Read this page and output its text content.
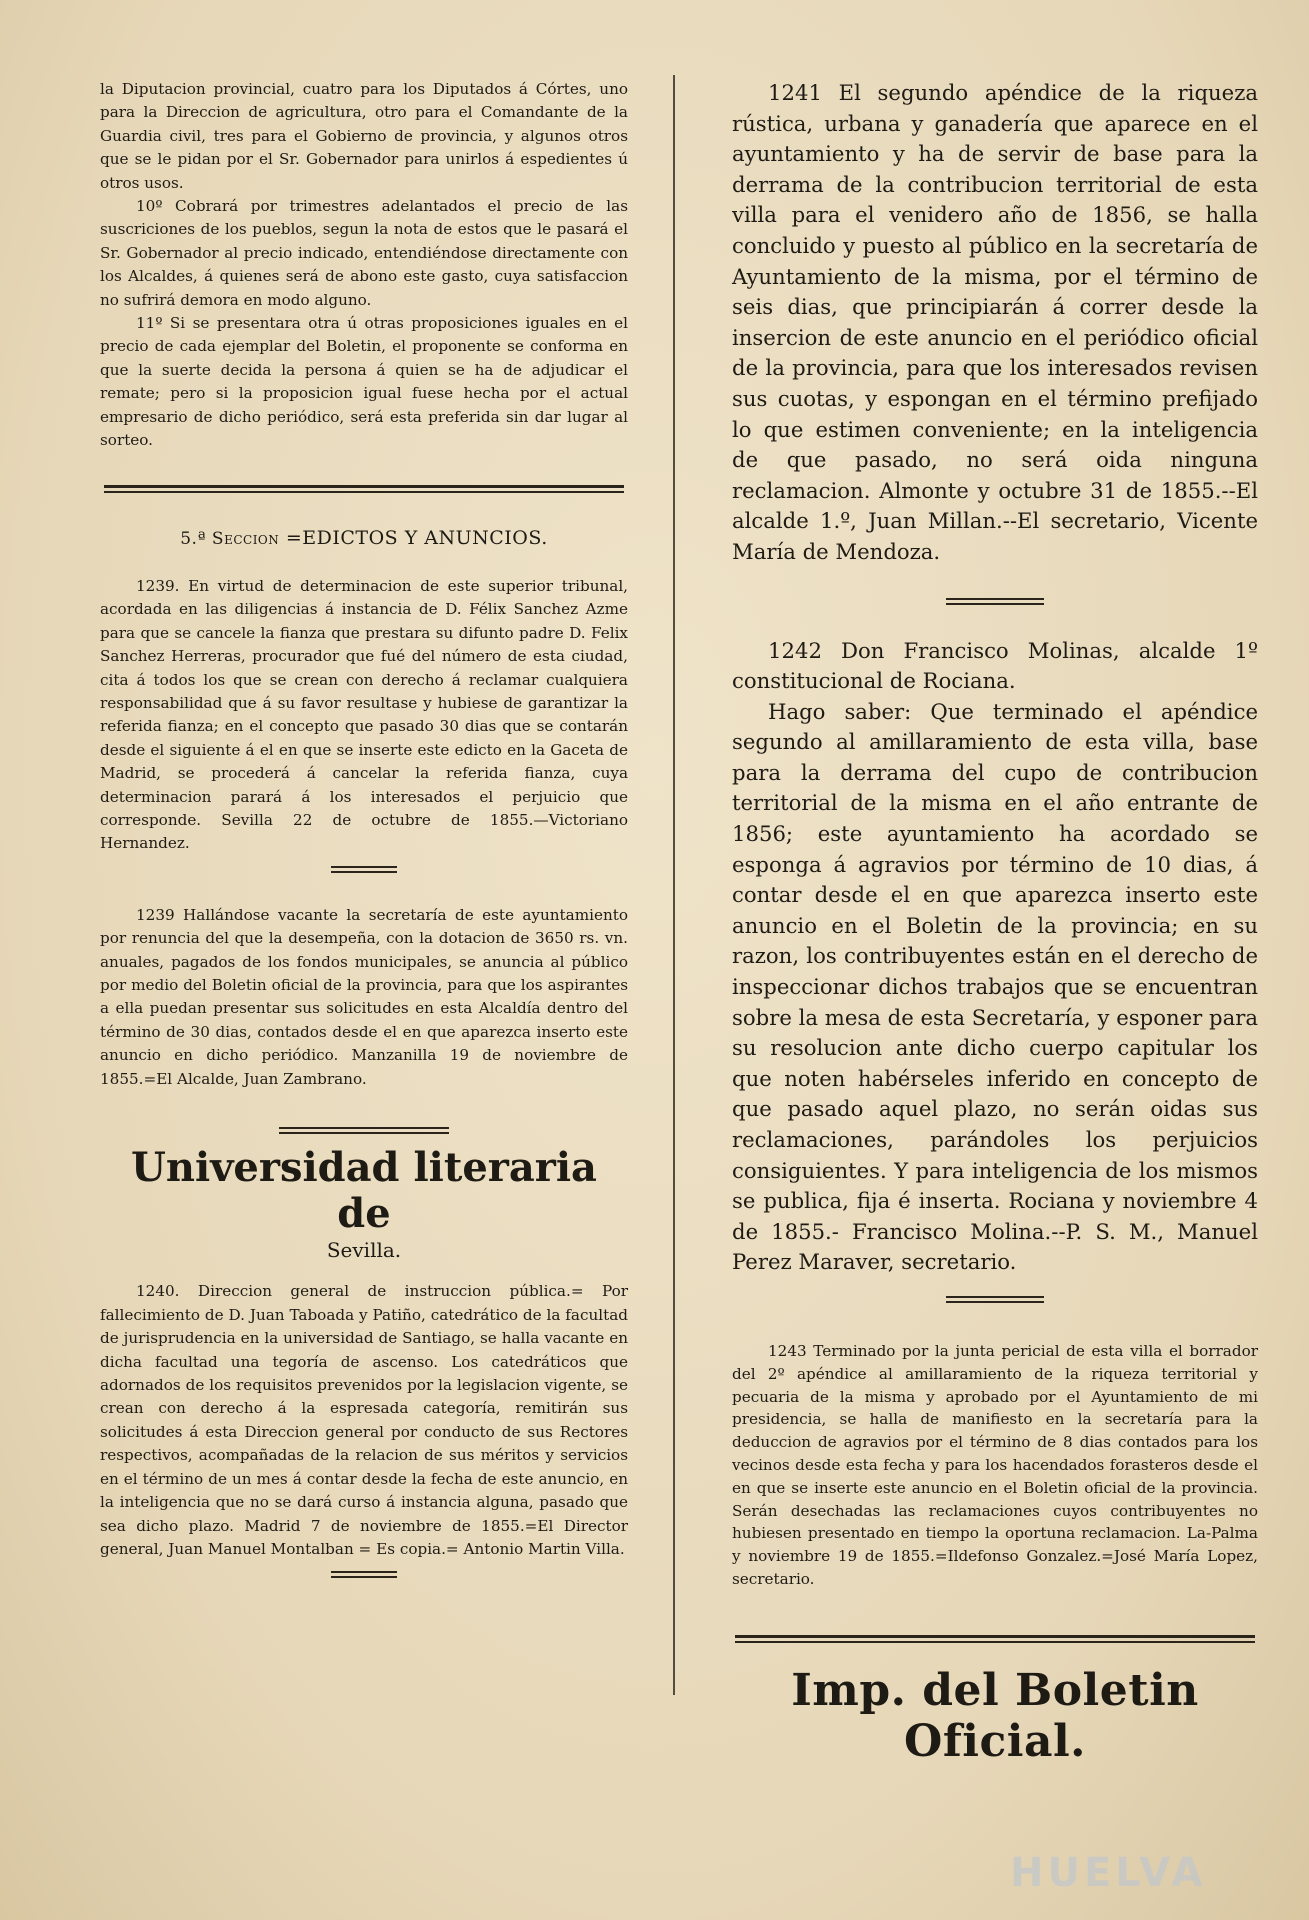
la Diputacion provincial, cuatro para los Diputados á Córtes, uno para la Direccion de agricultura, otro para el Comandante de la Guardia civil, tres para el Gobierno de provincia, y algunos otros que se le pidan por el Sr. Gobernador para unirlos á espedientes ú otros usos.

10º Cobrará por trimestres adelantados el precio de las suscriciones de los pueblos, segun la nota de estos que le pasará el Sr. Gobernador al precio indicado, entendiéndose directamente con los Alcaldes, á quienes será de abono este gasto, cuya satisfaccion no sufrirá demora en modo alguno.

11º Si se presentara otra ú otras proposiciones iguales en el precio de cada ejemplar del Boletin, el proponente se conforma en que la suerte decida la persona á quien se ha de adjudicar el remate; pero si la proposicion igual fuese hecha por el actual empresario de dicho periódico, será esta preferida sin dar lugar al sorteo.

5.ª Seccion =EDICTOS Y ANUNCIOS.

1239. En virtud de determinacion de este superior tribunal, acordada en las diligencias á instancia de D. Félix Sanchez Azme para que se cancele la fianza que prestara su difunto padre D. Felix Sanchez Herreras, procurador que fué del número de esta ciudad, cita á todos los que se crean con derecho á reclamar cualquiera responsabilidad que á su favor resultase y hubiese de garantizar la referida fianza; en el concepto que pasado 30 dias que se contarán desde el siguiente á el en que se inserte este edicto en la Gaceta de Madrid, se procederá á cancelar la referida fianza, cuya determinacion parará á los interesados el perjuicio que corresponde. Sevilla 22 de octubre de 1855.—Victoriano Hernandez.

1239 Hallándose vacante la secretaría de este ayuntamiento por renuncia del que la desempeña, con la dotacion de 3650 rs. vn. anuales, pagados de los fondos municipales, se anuncia al público por medio del Boletin oficial de la provincia, para que los aspirantes a ella puedan presentar sus solicitudes en esta Alcaldía dentro del término de 30 dias, contados desde el en que aparezca inserto este anuncio en dicho periódico. Manzanilla 19 de noviembre de 1855.=El Alcalde, Juan Zambrano.

Universidad literaria de
Sevilla.

1240. Direccion general de instruccion pública.= Por fallecimiento de D. Juan Taboada y Patiño, catedrático de la facultad de jurisprudencia en la universidad de Santiago, se halla vacante en dicha facultad una tegoría de ascenso. Los catedráticos que adornados de los requisitos prevenidos por la legislacion vigente, se crean con derecho á la espresada categoría, remitirán sus solicitudes á esta Direccion general por conducto de sus Rectores respectivos, acompañadas de la relacion de sus méritos y servicios en el término de un mes á contar desde la fecha de este anuncio, en la inteligencia que no se dará curso á instancia alguna, pasado que sea dicho plazo. Madrid 7 de noviembre de 1855.=El Director general, Juan Manuel Montalban = Es copia.= Antonio Martin Villa.

1241 El segundo apéndice de la riqueza rústica, urbana y ganadería que aparece en el ayuntamiento y ha de servir de base para la derrama de la contribucion territorial de esta villa para el venidero año de 1856, se halla concluido y puesto al público en la secretaría de Ayuntamiento de la misma, por el término de seis dias, que principiarán á correr desde la insercion de este anuncio en el periódico oficial de la provincia, para que los interesados revisen sus cuotas, y espongan en el término prefijado lo que estimen conveniente; en la inteligencia de que pasado, no será oida ninguna reclamacion. Almonte y octubre 31 de 1855.--El alcalde 1.º, Juan Millan.--El secretario, Vicente María de Mendoza.

1242 Don Francisco Molinas, alcalde 1º constitucional de Rociana.

Hago saber: Que terminado el apéndice segundo al amillaramiento de esta villa, base para la derrama del cupo de contribucion territorial de la misma en el año entrante de 1856; este ayuntamiento ha acordado se esponga á agravios por término de 10 dias, á contar desde el en que aparezca inserto este anuncio en el Boletin de la provincia; en su razon, los contribuyentes están en el derecho de inspeccionar dichos trabajos que se encuentran sobre la mesa de esta Secretaría, y esponer para su resolucion ante dicho cuerpo capitular los que noten habérseles inferido en concepto de que pasado aquel plazo, no serán oidas sus reclamaciones, parándoles los perjuicios consiguientes. Y para inteligencia de los mismos se publica, fija é inserta. Rociana y noviembre 4 de 1855.- Francisco Molina.--P. S. M., Manuel Perez Maraver, secretario.

1243 Terminado por la junta pericial de esta villa el borrador del 2º apéndice al amillaramiento de la riqueza territorial y pecuaria de la misma y aprobado por el Ayuntamiento de mi presidencia, se halla de manifiesto en la secretaría para la deduccion de agravios por el término de 8 dias contados para los vecinos desde esta fecha y para los hacendados forasteros desde el en que se inserte este anuncio en el Boletin oficial de la provincia. Serán desechadas las reclamaciones cuyos contribuyentes no hubiesen presentado en tiempo la oportuna reclamacion. La-Palma y noviembre 19 de 1855.=Ildefonso Gonzalez.=José María Lopez, secretario.

Imp. del Boletin Oficial.
HUELVA
